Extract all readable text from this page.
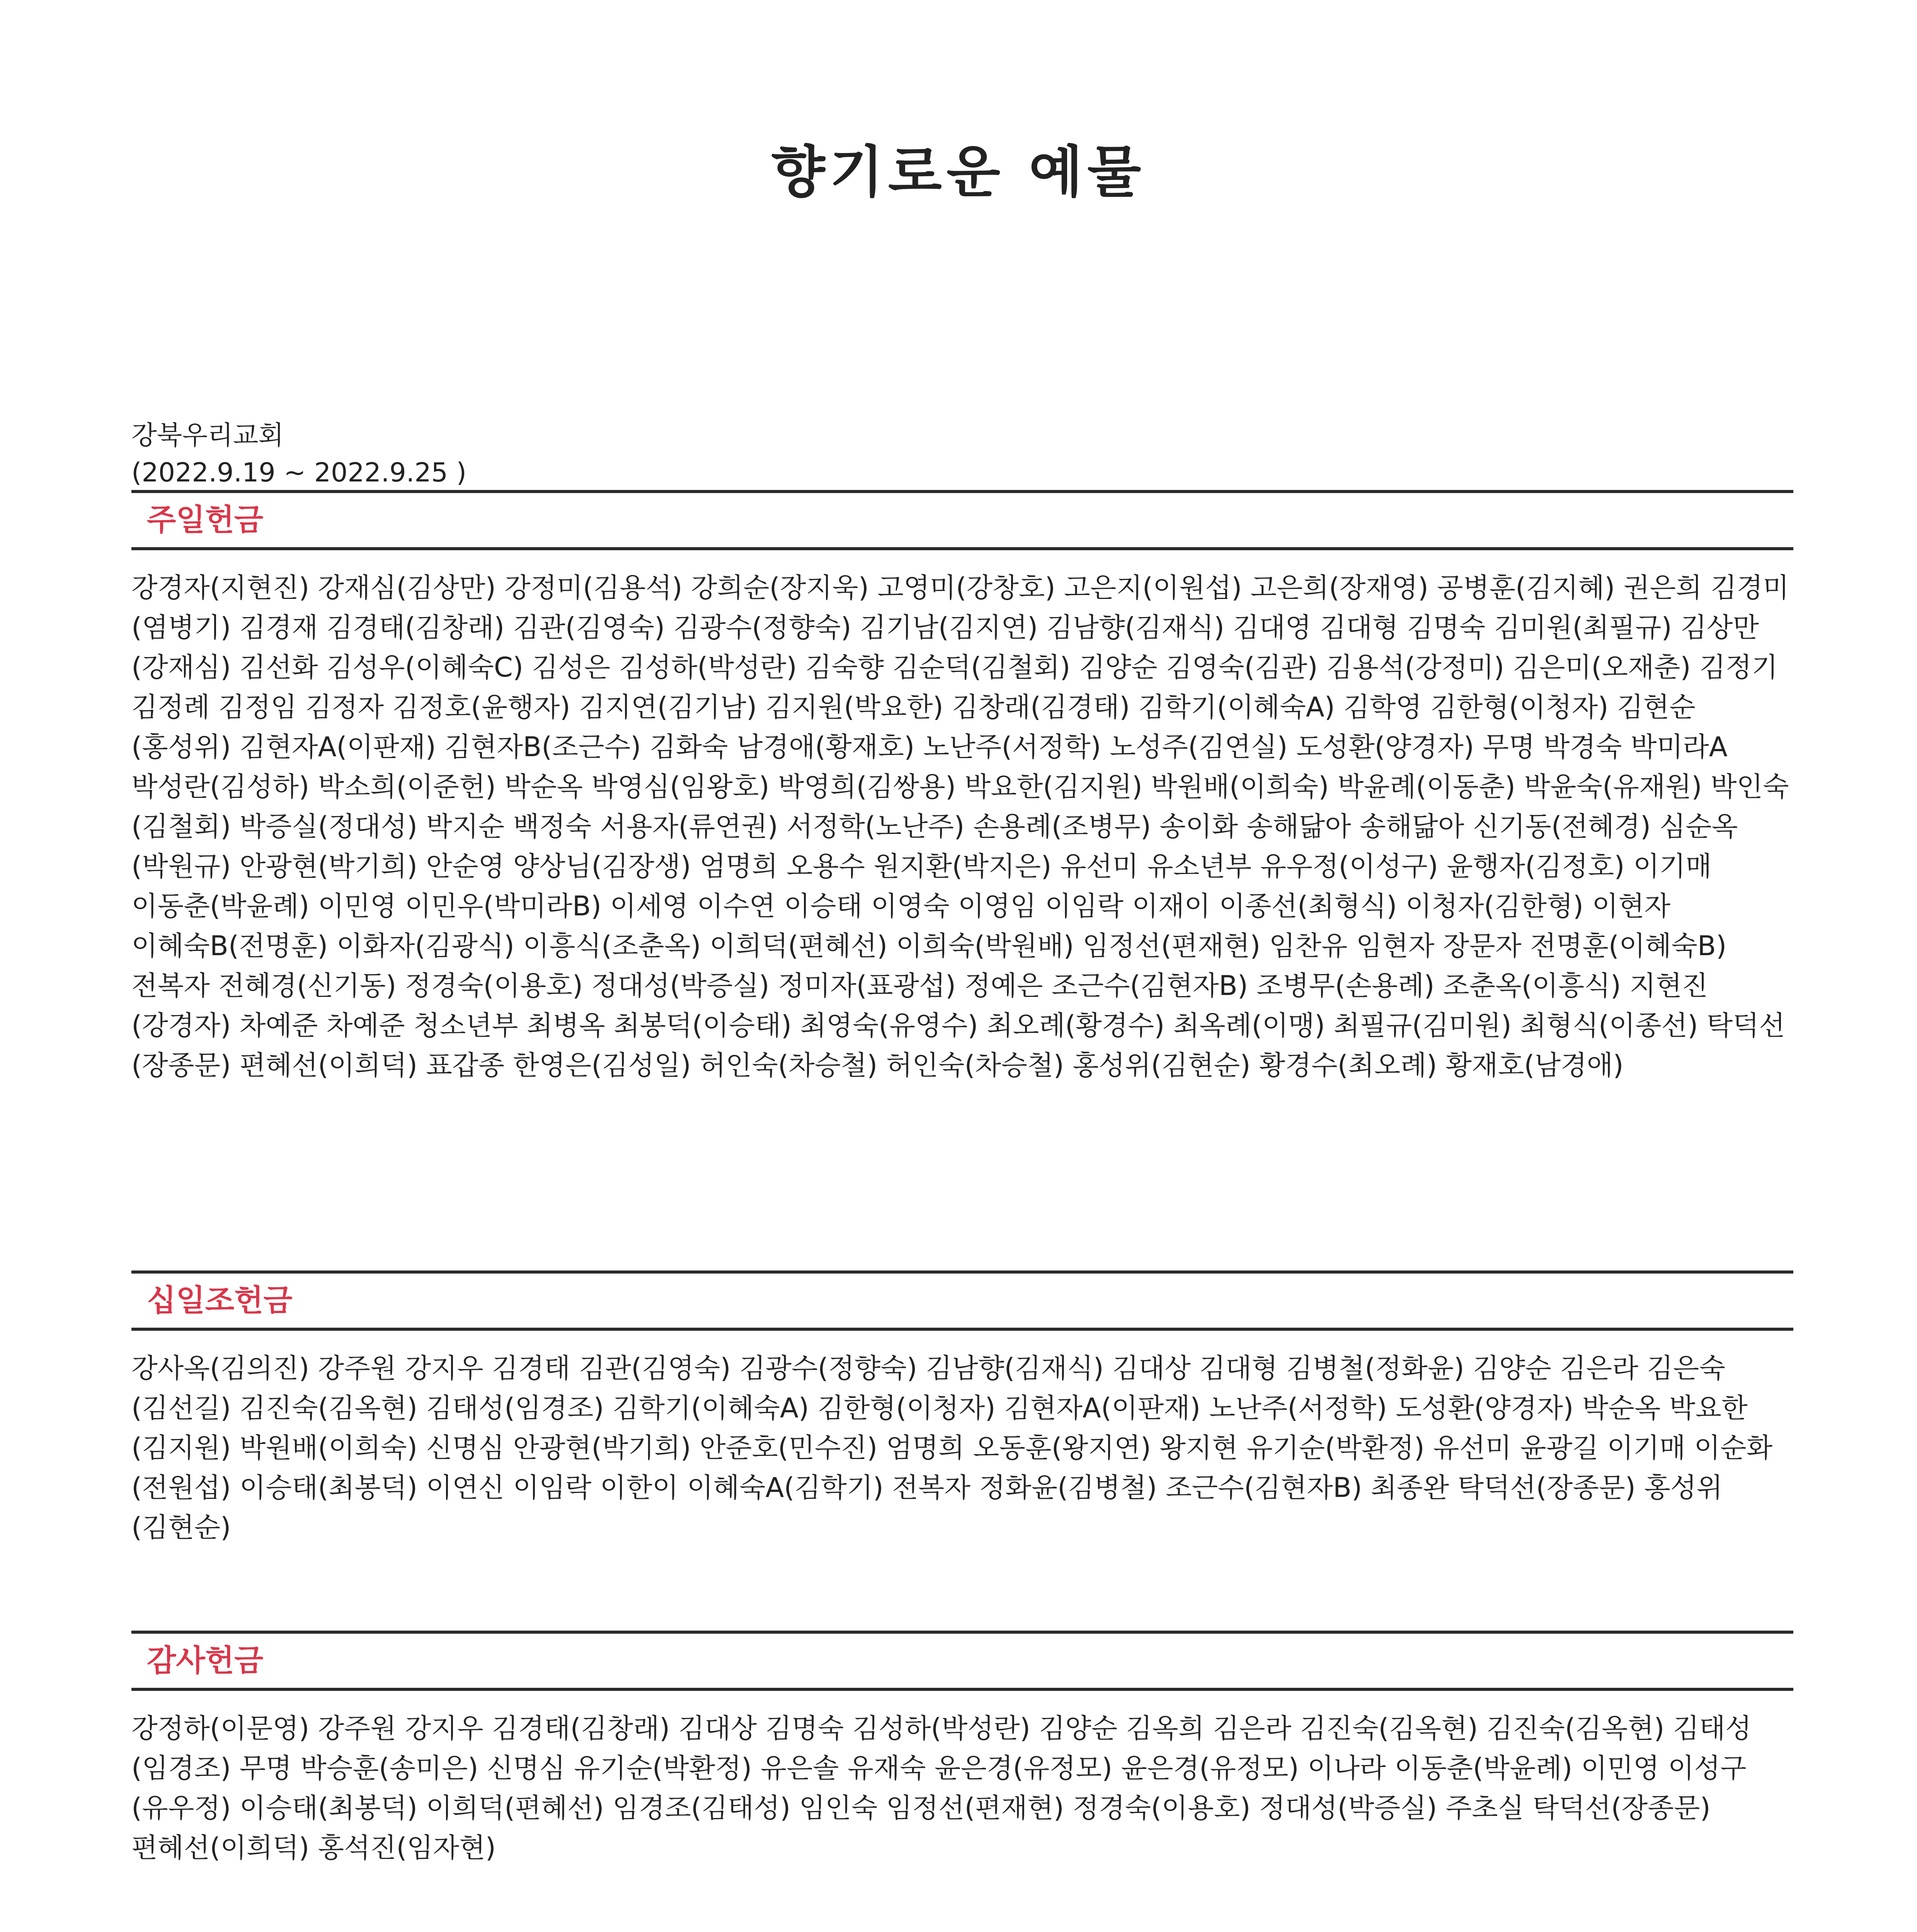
향기로운 예물
강북우리교회
(2022.9.19 ~ 2022.9.25 )
주일헌금
강경자(지현진) 강재심(김상만) 강정미(김용석) 강희순(장지욱) 고영미(강창호) 고은지(이원섭) 고은희(장재영) 공병훈(김지혜) 권은희 김경미(염병기) 김경재 김경태(김창래) 김관(김영숙) 김광수(정향숙) 김기남(김지연) 김남향(김재식) 김대영 김대형 김명숙 김미원(최필규) 김상만(강재심) 김선화 김성우(이혜숙C) 김성은 김성하(박성란) 김숙향 김순덕(김철회) 김양순 김영숙(김관) 김용석(강정미) 김은미(오재춘) 김정기 김정례 김정임 김정자 김정호(윤행자) 김지연(김기남) 김지원(박요한) 김창래(김경태) 김학기(이혜숙A) 김학영 김한형(이청자) 김현순(홍성위) 김현자A(이판재) 김현자B(조근수) 김화숙 남경애(황재호) 노난주(서정학) 노성주(김연실) 도성환(양경자) 무명 박경숙 박미라A 박성란(김성하) 박소희(이준헌) 박순옥 박영심(임왕호) 박영희(김쌍용) 박요한(김지원) 박원배(이희숙) 박윤례(이동춘) 박윤숙(유재원) 박인숙(김철회) 박증실(정대성) 박지순 백정숙 서용자(류연권) 서정학(노난주) 손용례(조병무) 송이화 송해닮아 송해닮아 신기동(전혜경) 심순옥(박원규) 안광현(박기희) 안순영 양상님(김장생) 엄명희 오용수 원지환(박지은) 유선미 유소년부 유우정(이성구) 윤행자(김정호) 이기매 이동춘(박윤례) 이민영 이민우(박미라B) 이세영 이수연 이승태 이영숙 이영임 이임락 이재이 이종선(최형식) 이청자(김한형) 이현자 이혜숙B(전명훈) 이화자(김광식) 이흥식(조춘옥) 이희덕(편혜선) 이희숙(박원배) 임정선(편재현) 임찬유 임현자 장문자 전명훈(이혜숙B) 전복자 전혜경(신기동) 정경숙(이용호) 정대성(박증실) 정미자(표광섭) 정예은 조근수(김현자B) 조병무(손용례) 조춘옥(이흥식) 지현진(강경자) 차예준 차예준 청소년부 최병옥 최봉덕(이승태) 최영숙(유영수) 최오례(황경수) 최옥례(이맹) 최필규(김미원) 최형식(이종선) 탁덕선(장종문) 편혜선(이희덕) 표갑종 한영은(김성일) 허인숙(차승철) 허인숙(차승철) 홍성위(김현순) 황경수(최오례) 황재호(남경애)
십일조헌금
강사옥(김의진) 강주원 강지우 김경태 김관(김영숙) 김광수(정향숙) 김남향(김재식) 김대상 김대형 김병철(정화윤) 김양순 김은라 김은숙(김선길) 김진숙(김옥현) 김태성(임경조) 김학기(이혜숙A) 김한형(이청자) 김현자A(이판재) 노난주(서정학) 도성환(양경자) 박순옥 박요한(김지원) 박원배(이희숙) 신명심 안광현(박기희) 안준호(민수진) 엄명희 오동훈(왕지연) 왕지현 유기순(박환정) 유선미 윤광길 이기매 이순화(전원섭) 이승태(최봉덕) 이연신 이임락 이한이 이혜숙A(김학기) 전복자 정화윤(김병철) 조근수(김현자B) 최종완 탁덕선(장종문) 홍성위(김현순)
감사헌금
강정하(이문영) 강주원 강지우 김경태(김창래) 김대상 김명숙 김성하(박성란) 김양순 김옥희 김은라 김진숙(김옥현) 김진숙(김옥현) 김태성(임경조) 무명 박승훈(송미은) 신명심 유기순(박환정) 유은솔 유재숙 윤은경(유정모) 윤은경(유정모) 이나라 이동춘(박윤례) 이민영 이성구(유우정) 이승태(최봉덕) 이희덕(편혜선) 임경조(김태성) 임인숙 임정선(편재현) 정경숙(이용호) 정대성(박증실) 주초실 탁덕선(장종문) 편혜선(이희덕) 홍석진(임자현)
